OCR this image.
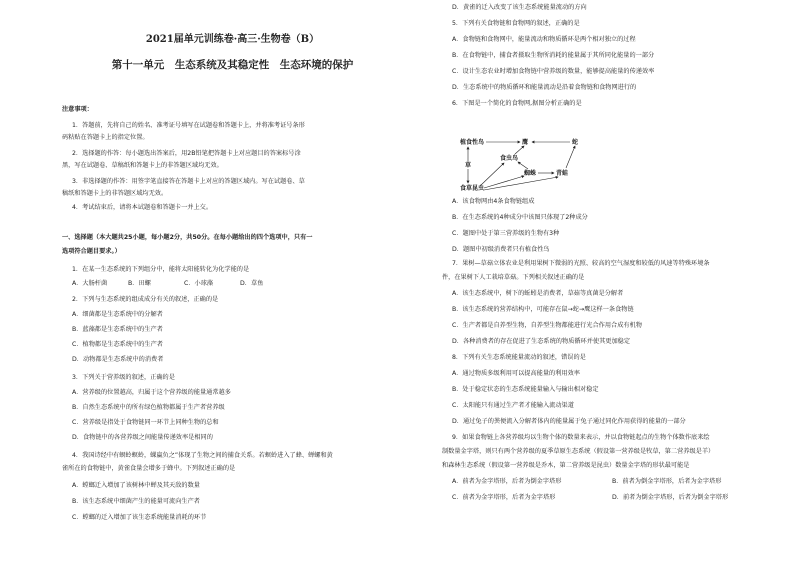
2021届单元训练卷·高三·生物卷（B）
第十一单元　生态系统及其稳定性　生态环境的保护
注意事项：
1．答题前，先将自己的姓名、准考证号填写在试题卷和答题卡上，并将准考证号条形
码粘贴在答题卡上的指定位置。
2．选择题的作答：每小题选出答案后，用2B铅笔把答题卡上对应题目的答案标号涂
黑，写在试题卷、草稿纸和答题卡上的非答题区域均无效。
3．非选择题的作答：用签字笔直接答在答题卡上对应的答题区域内。写在试题卷、草
稿纸和答题卡上的非答题区域均无效。
4．考试结束后，请将本试题卷和答题卡一并上交。
一、选择题（本大题共25小题，每小题2分，共50分。在每小题给出的四个选项中，只有一
选项符合题目要求。）
1．在某一生态系统的下列组分中，能将太阳能转化为化学能的是
A．大肠杆菌	B．田螺	C．小球藻	D．草鱼
2．下列与生态系统的组成成分有关的叙述，正确的是
A．细菌都是生态系统中的分解者
B．蓝藻都是生态系统中的生产者
C．植物都是生态系统中的生产者
D．动物都是生态系统中的消费者
3．下列关于营养级的叙述，正确的是
A．营养级的位置越高，归属于这个营养级的能量通常越多
B．自然生态系统中的所有绿色植物都属于生产者营养级
C．营养级是指处于食物链同一环节上同种生物的总和
D．食物链中的各营养级之间能量传递效率是相同的
4．我国诗经中有螟蛉螟蛉，蜾蠃负之”体现了生物之间的捕食关系。若螟蛉进入了蜂、蝉螺和黄
雀所在的食物链中，黄雀食量会增多于蜂中。下列叙述正确的是
A．螳螂迁入增加了该树林中蝉及其天敌的数量
B．该生态系统中细菌产生的能量可流向生产者
C．螳螂的迁入增加了该生态系统能量消耗的环节
D．黄雀的迁入改变了该生态系统能量流动的方向
5．下列有关食物链和食物网的叙述，正确的是
A．食物链和食物网中，能量流动和物质循环是两个相对独立的过程
B．在食物链中，捕食者摄取生物所消耗的能量属于其所同化能量的一部分
C．设计生态农业时增加食物链中营养级的数量，能够提高能量的传递效率
D．生态系统中的物质循环和能量流动是沿着食物链和食物网进行的
6．下图是一个简化的食物网,据图分析正确的是
植食性鸟	鹰	蛇
草
食虫鸟
蜘蛛	青蛙
食草昆虫
A．该食物网由4条食物链组成
B．在生态系统的4种成分中该图只体现了2种成分
C．题图中处于第三营养级的生物有3种
D．题图中初级消费者只有植食性鸟
7．果树—草菇立体农业是利用果树下微弱的光照、较高的空气湿度和较低的风速等特殊环境条
件，在果树下人工栽培草菇。下列相关叙述正确的是
A．该生态系统中，树下的蚯蚓是消费者，草菇等真菌是分解者
B．该生态系统的营养结构中，可能存在鼠→蛇→鹰这样一条食物链
C．生产者都是自养型生物，自养型生物都能进行光合作用合成有机物
D．各种消费者的存在促进了生态系统的物质循环并使其更加稳定
8．下列有关生态系统能量流动的叙述，错误的是
A．通过物质多级利用可以提高能量的利用效率
B．处于稳定状态的生态系统能量输入与输出相对稳定
C．太阳能只有通过生产者才能输入流动渠道
D．通过兔子的粪便流入分解者体内的能量属于兔子通过同化作用获得的能量的一部分
9．如果食物链上各营养级均以生物个体的数量来表示，并以食物链起点的生物个体数作底来绘
制数量金字塔，则只有两个营养级的夏季草原生态系统（假设第一营养级是牧草，第二营养级是羊）
和森林生态系统（假设第一营养级是乔木，第二营养级是昆虫）数量金字塔的形状最可能是
A．前者为金字塔形，后者为倒金字塔形	B．前者为倒金字塔形，后者为金字塔形
C．前者为金字塔形，后者为金字塔形	D．前者为倒金字塔形，后者为倒金字塔形
